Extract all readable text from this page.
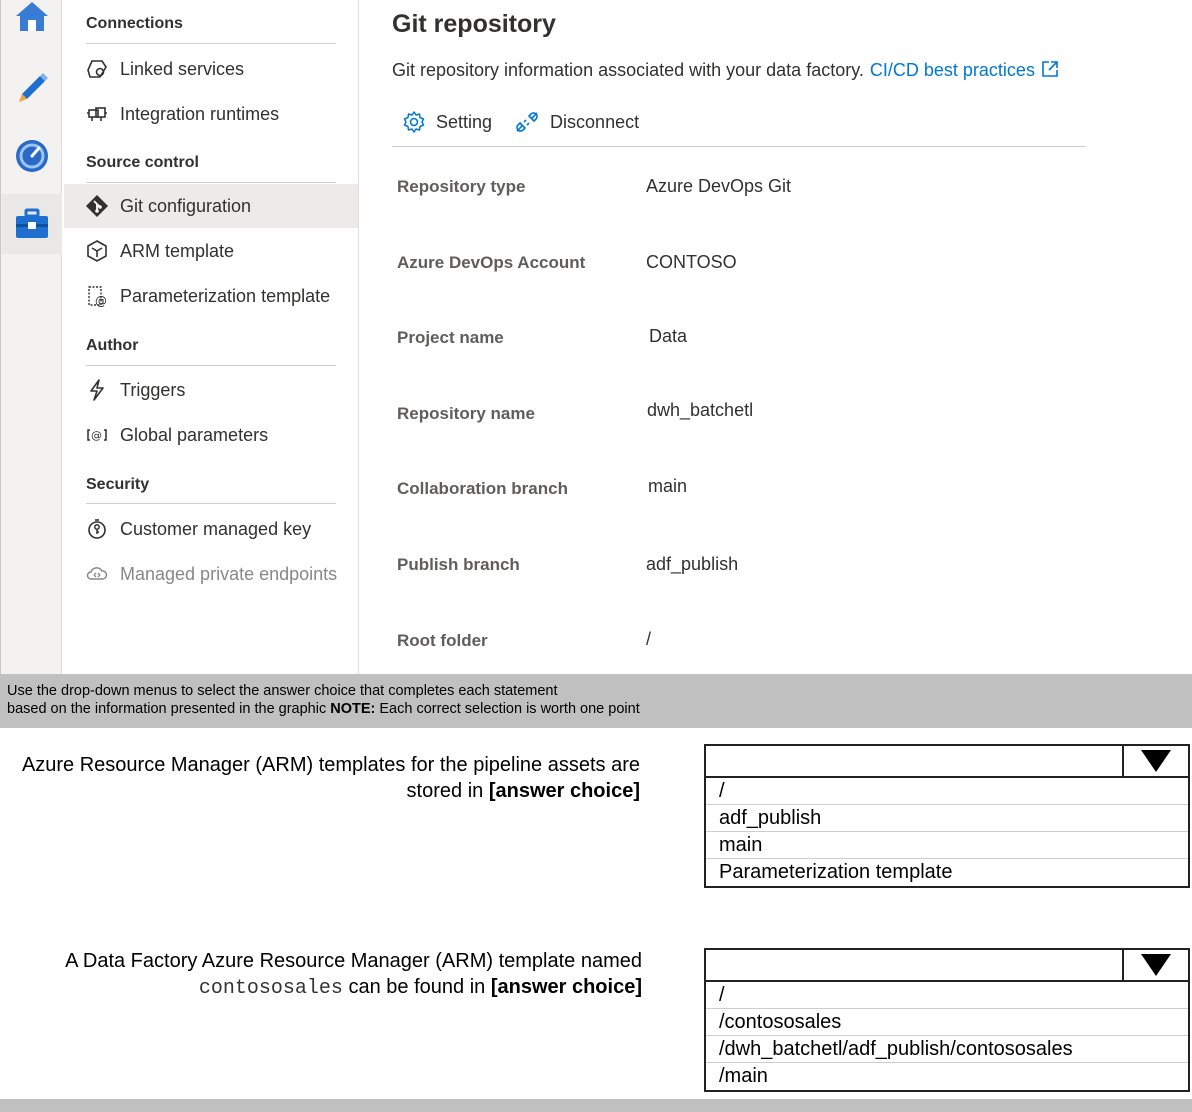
Connections
Linked services
Integration runtimes
Source control
Git configuration
ARM template
@ Parameterization template
Author
Triggers
@ Global parameters
Security
Customer managed key
Managed private endpoints
Git repository
Git repository information associated with your data factory. CI/CD best practices
Setting	Disconnect
Repository type	Azure DevOps Git
Azure DevOps Account	CONTOSO
Project name	Data
Repository name	dwh_batchetl
Collaboration branch	main
Publish branch	adf_publish
Root folder	/
Use the drop-down menus to select the answer choice that completes each statement
based on the information presented in the graphic NOTE: Each correct selection is worth one point
Azure Resource Manager (ARM) templates for the pipeline assets are
stored in [answer choice]	/
adf_publish
main
Parameterization template
A Data Factory Azure Resource Manager (ARM) template named
contososales can be found in [answer choice]	/
/contososales
/dwh_batchetl/adf_publish/contososales
/main
